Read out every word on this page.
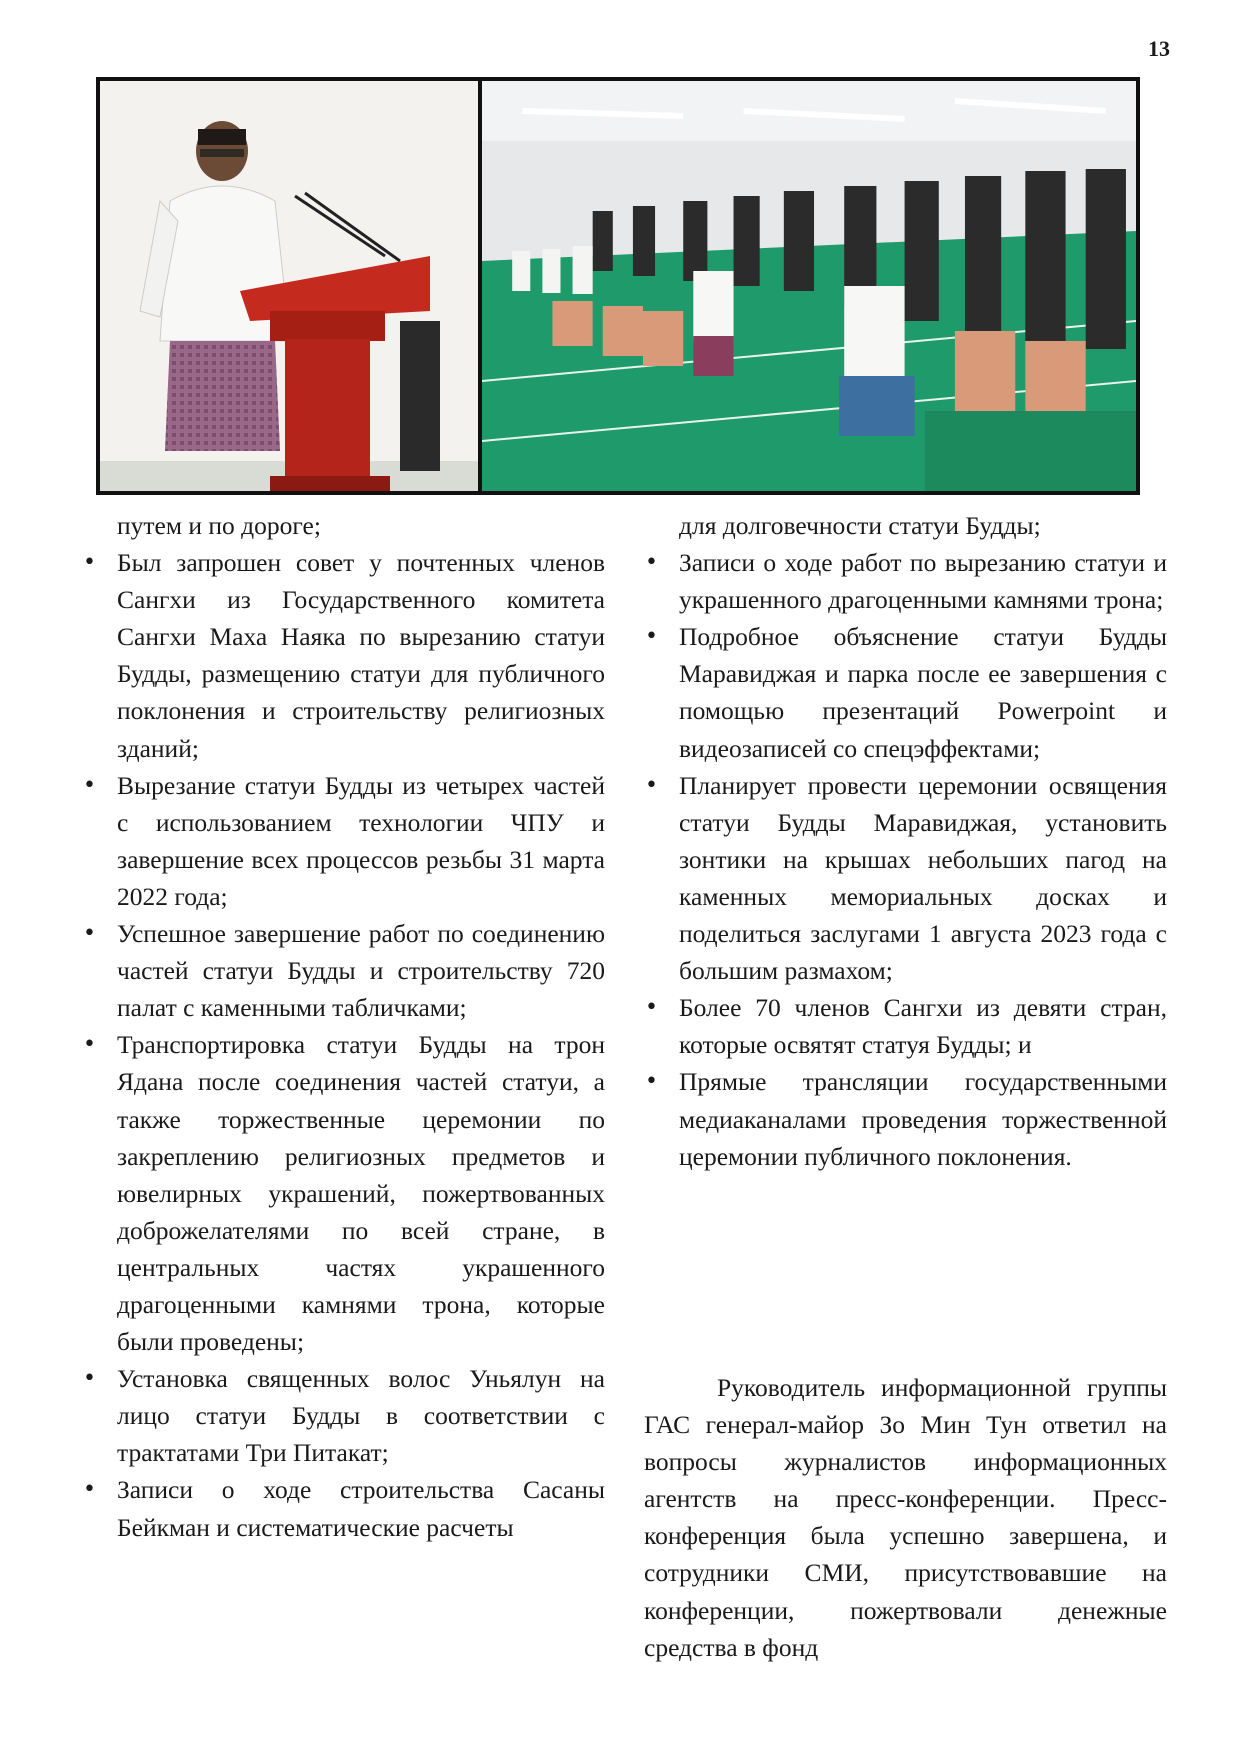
13
путем и по дороге;
• Был запрошен совет у почтенных членов Сангхи из Государственного комитета Сангхи Маха Наяка по вырезанию статуи Будды, размещению статуи для публичного поклонения и строительству религиозных зданий;
• Вырезание статуи Будды из четырех частей с использованием технологии ЧПУ и завершение всех процессов резьбы 31 марта 2022 года;
• Успешное завершение работ по соединению частей статуи Будды и строительству 720 палат с каменными табличками;
• Транспортировка статуи Будды на трон Ядана после соединения частей статуи, а также торжественные церемонии по закреплению религиозных предметов и ювелирных украшений, пожертвованных доброжелателями по всей стране, в центральных частях украшенного драгоценными камнями трона, которые были проведены;
• Установка священных волос Уньялун на лицо статуи Будды в соответствии с трактатами Три Питакат;
• Записи о ходе строительства Сасаны Бейкман и систематические расчеты
для долговечности статуи Будды;
• Записи о ходе работ по вырезанию статуи и украшенного драгоценными камнями трона;
• Подробное объяснение статуи Будды Маравиджая и парка после ее завершения с помощью презентаций Powerpoint и видеозаписей со спецэффектами;
• Планирует провести церемонии освящения статуи Будды Маравиджая, установить зонтики на крышах небольших пагод на каменных мемориальных досках и поделиться заслугами 1 августа 2023 года с большим размахом;
• Более 70 членов Сангхи из девяти стран, которые освятят статуя Будды; и
• Прямые трансляции государственными медиаканалами проведения торжественной церемонии публичного поклонения.
Руководитель информационной группы ГАС генерал-майор Зо Мин Тун ответил на вопросы журналистов информационных агентств на пресс-конференции. Пресс-конференция была успешно завершена, и сотрудники СМИ, присутствовавшие на конференции, пожертвовали денежные средства в фонд
